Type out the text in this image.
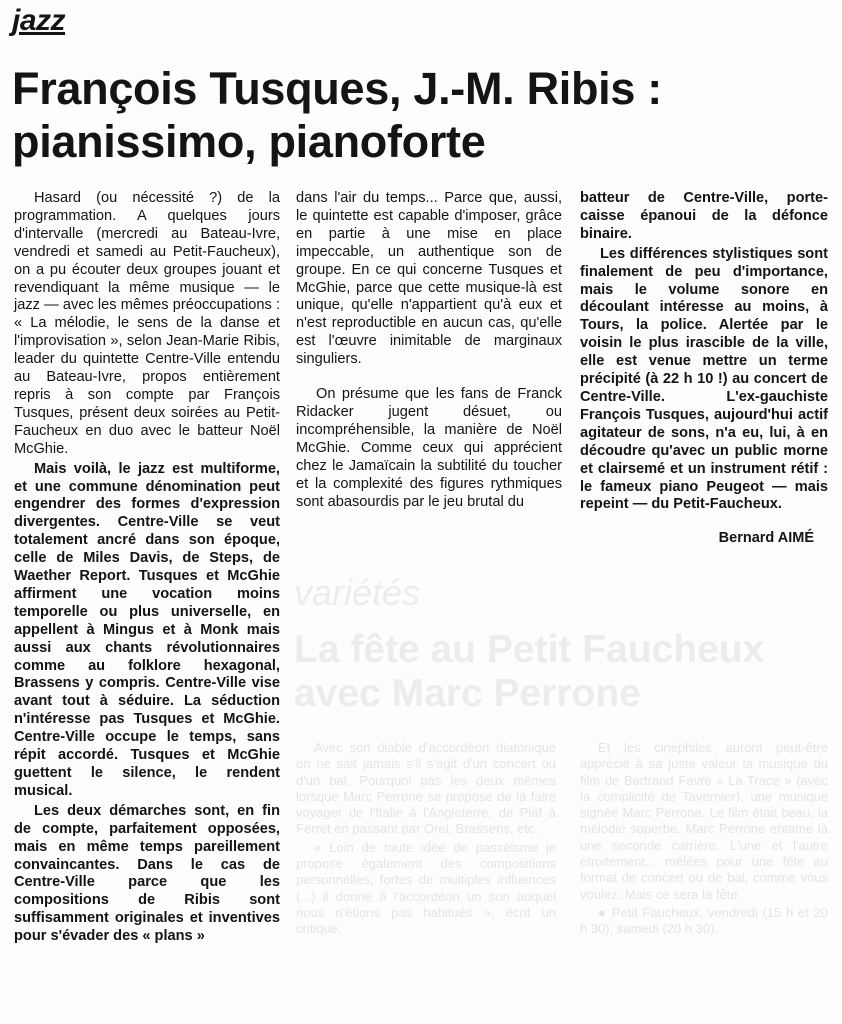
jazz
François Tusques, J.-M. Ribis : pianissimo, pianoforte

Hasard (ou nécessité ?) de la programmation. A quelques jours d'intervalle (mercredi au Bateau-Ivre, vendredi et samedi au Petit-Faucheux), on a pu écouter deux groupes jouant et revendiquant la même musique — le jazz — avec les mêmes préoccupations : « La mélodie, le sens de la danse et l'improvisation », selon Jean-Marie Ribis, leader du quintette Centre-Ville entendu au Bateau-Ivre, propos entièrement repris à son compte par François Tusques, présent deux soirées au Petit-Faucheux en duo avec le batteur Noël McGhie.

Mais voilà, le jazz est multiforme, et une commune dénomination peut engendrer des formes d'expression divergentes. Centre-Ville se veut totalement ancré dans son époque, celle de Miles Davis, de Steps, de Waether Report. Tusques et McGhie affirment une vocation moins temporelle ou plus universelle, en appellent à Mingus et à Monk mais aussi aux chants révolutionnaires comme au folklore hexagonal, Brassens y compris. Centre-Ville vise avant tout à séduire. La séduction n'intéresse pas Tusques et McGhie. Centre-Ville occupe le temps, sans répit accordé. Tusques et McGhie guettent le silence, le rendent musical.

Les deux démarches sont, en fin de compte, parfaitement opposées, mais en même temps pareillement convaincantes. Dans le cas de Centre-Ville parce que les compositions de Ribis sont suffisamment originales et inventives pour s'évader des « plans »

dans l'air du temps... Parce que, aussi, le quintette est capable d'imposer, grâce en partie à une mise en place impeccable, un authentique son de groupe. En ce qui concerne Tusques et McGhie, parce que cette musique-là est unique, qu'elle n'appartient qu'à eux et n'est reproductible en aucun cas, qu'elle est l'œuvre inimitable de marginaux singuliers.

On présume que les fans de Franck Ridacker jugent désuet, ou incompréhensible, la manière de Noël McGhie. Comme ceux qui apprécient chez le Jamaïcain la subtilité du toucher et la complexité des figures rythmiques sont abasourdis par le jeu brutal du

batteur de Centre-Ville, porte-caisse épanoui de la défonce binaire.

Les différences stylistiques sont finalement de peu d'importance, mais le volume sonore en découlant intéresse au moins, à Tours, la police. Alertée par le voisin le plus irascible de la ville, elle est venue mettre un terme précipité (à 22 h 10 !) au concert de Centre-Ville. L'ex-gauchiste François Tusques, aujourd'hui actif agitateur de sons, n'a eu, lui, à en découdre qu'avec un public morne et clairsemé et un instrument rétif : le fameux piano Peugeot — mais repeint — du Petit-Faucheux.

Bernard AIMÉ
variétés
La fête au Petit Faucheux avec Marc Perrone

Avec son diable d'accordéon diatonique on ne sait jamais s'il s'agit d'un concert ou d'un bal. Pourquoi pas les deux mêmes lorsque Marc Perrone se propose de la faire voyager de l'Italie à l'Angleterre, de Piaf à Ferret en passant par Orel, Brassens, etc.

« Loin de toute idée de passéisme je propose également des compositions personnelles, fortes de multiples influences (...) il donne à l'accordéon un son auquel nous n'étions pas habitués », écrit un critique.

Et les cinéphiles auront peut-être apprécié à sa juste valeur la musique du film de Bertrand Favre « La Trace » (avec la complicité de Tavernier), une musique signée Marc Perrone. Le film était beau, la mélodie superbe. Marc Perrone entame là une seconde carrière. L'une et l'autre étroitement... mêlées pour une fête au format de concert ou de bal, comme vous voulez. Mais ce sera la fête.

● Petit Faucheux, vendredi (15 h et 20 h 30), samedi (20 h 30).
